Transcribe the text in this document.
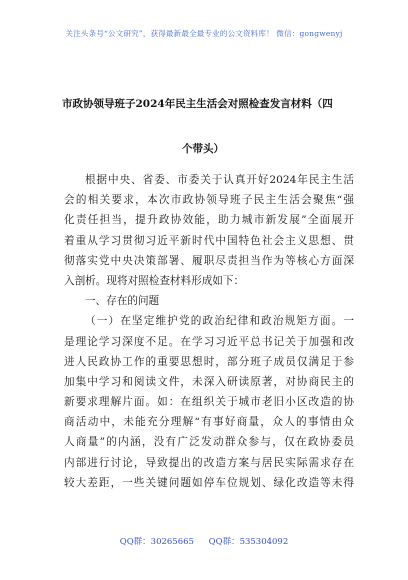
关注头条号“公文研究”，获得最新最全最专业的公文资料库！ 微信：gongwenyj
市政协领导班子2024年民主生活会对照检查发言材料（四
个带头）
根据中央、省委、市委关于认真开好2024年民主生活
会的相关要求，本次市政协领导班子民主生活会聚焦“强
化责任担当，提升政协效能，助力城市新发展”全面展开
着重从学习贯彻习近平新时代中国特色社会主义思想、贯
彻落实党中央决策部署、履职尽责担当作为等核心方面深
入剖析。现将对照检查材料形成如下：
一、存在的问题
（一）在坚定维护党的政治纪律和政治规矩方面。一
是理论学习深度不足。在学习习近平总书记关于加强和改
进人民政协工作的重要思想时，部分班子成员仅满足于参
加集中学习和阅读文件，未深入研读原著，对协商民主的
新要求理解片面。如：在组织关于城市老旧小区改造的协
商活动中，未能充分理解“有事好商量，众人的事情由众
人商量”的内涵，没有广泛发动群众参与，仅在政协委员
内部进行讨论，导致提出的改造方案与居民实际需求存在
较大差距，一些关键问题如停车位规划、绿化改造等未得
QQ群：30265665 QQ群：535304092
